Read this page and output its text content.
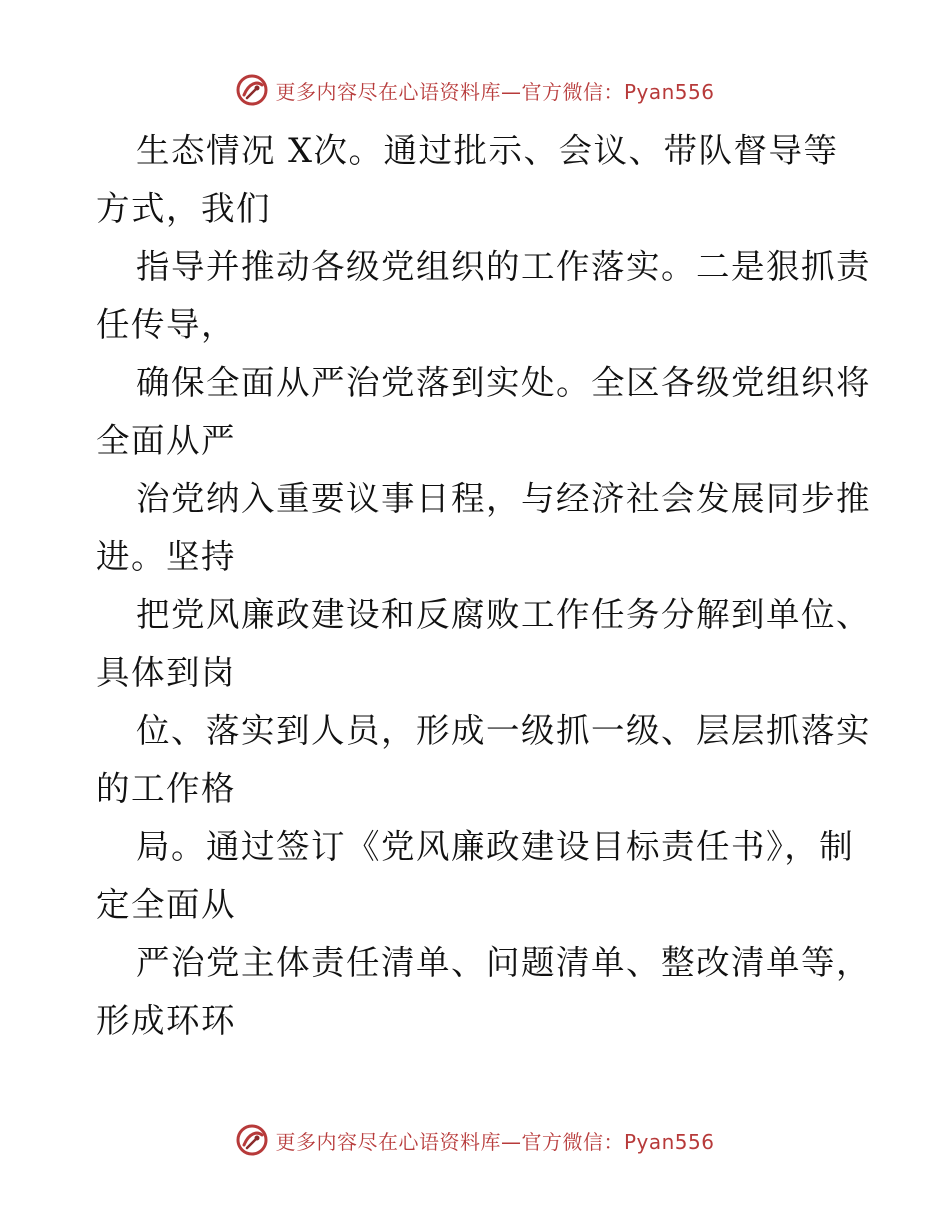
更多内容尽在心语资料库—官方微信：Pyan556
生态情况 X次。通过批示、会议、带队督导等
方式，我们
指导并推动各级党组织的工作落实。二是狠抓责
任传导，
确保全面从严治党落到实处。全区各级党组织将
全面从严
治党纳入重要议事日程，与经济社会发展同步推
进。坚持
把党风廉政建设和反腐败工作任务分解到单位、
具体到岗
位、落实到人员，形成一级抓一级、层层抓落实
的工作格
局。通过签订《党风廉政建设目标责任书》，制
定全面从
严治党主体责任清单、问题清单、整改清单等，
形成环环
更多内容尽在心语资料库—官方微信：Pyan556
